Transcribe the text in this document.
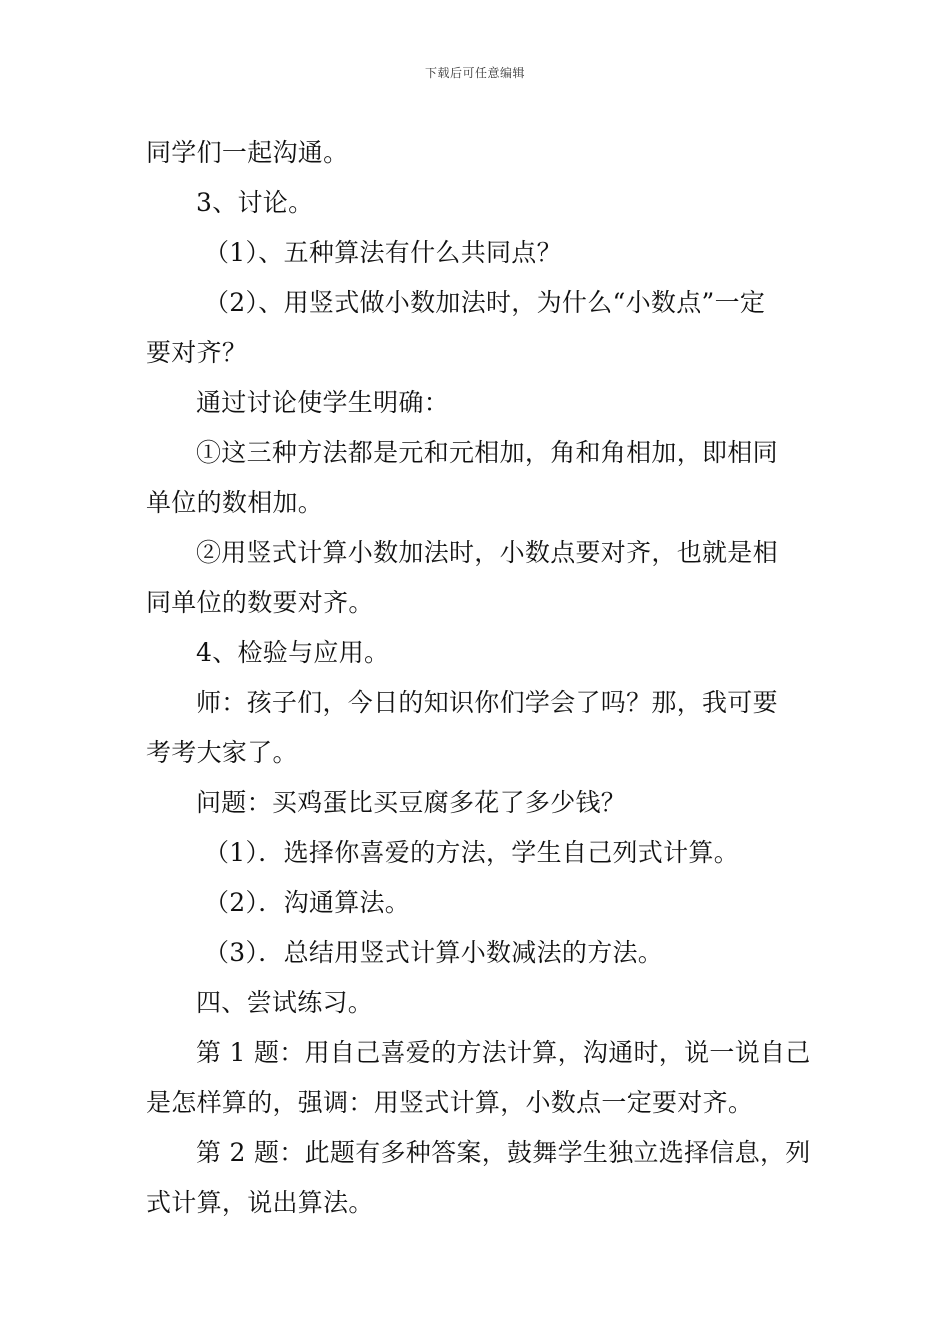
下载后可任意编辑
同学们一起沟通。
3、讨论。
（1）、五种算法有什么共同点？
（2）、用竖式做小数加法时，为什么“小数点”一定
要对齐？
通过讨论使学生明确：
①这三种方法都是元和元相加，角和角相加，即相同
单位的数相加。
②用竖式计算小数加法时，小数点要对齐，也就是相
同单位的数要对齐。
4、检验与应用。
师：孩子们，今日的知识你们学会了吗？那，我可要
考考大家了。
问题：买鸡蛋比买豆腐多花了多少钱？
（1）．选择你喜爱的方法，学生自己列式计算。
（2）．沟通算法。
（3）．总结用竖式计算小数减法的方法。
四、尝试练习。
第 1 题：用自己喜爱的方法计算，沟通时，说一说自己
是怎样算的，强调：用竖式计算，小数点一定要对齐。
第 2 题：此题有多种答案，鼓舞学生独立选择信息，列
式计算，说出算法。
